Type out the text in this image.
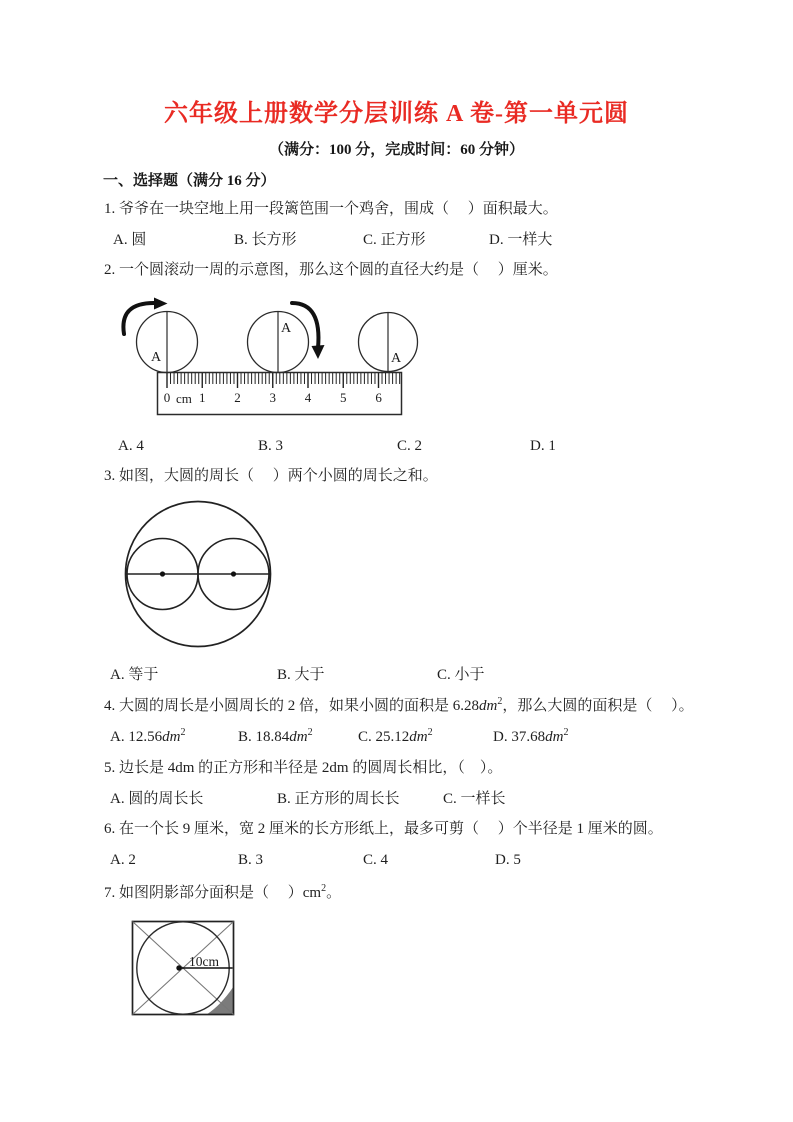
六年级上册数学分层训练 A 卷-第一单元圆
（满分：100 分，完成时间：60 分钟）
一、选择题（满分 16 分）
1. 爷爷在一块空地上用一段篱笆围一个鸡舍，围成（     ）面积最大。
A. 圆	B. 长方形	C. 正方形	D. 一样大
2. 一个圆滚动一周的示意图，那么这个圆的直径大约是（     ）厘米。
A
A
A
0 cm 1 2 3 4 5 6
A. 4	B. 3	C. 2	D. 1
3. 如图，大圆的周长（     ）两个小圆的周长之和。
A. 等于	B. 大于	C. 小于
4. 大圆的周长是小圆周长的 2 倍，如果小圆的面积是 $6.28dm^2$，那么大圆的面积是（     ）。
A. $12.56dm^2$	B. $18.84dm^2$	C. $25.12dm^2$	D. $37.68dm^2$
5. 边长是 4dm 的正方形和半径是 2dm 的圆周长相比，（    ）。
A. 圆的周长长	B. 正方形的周长长	C. 一样长
6. 在一个长 9 厘米，宽 2 厘米的长方形纸上，最多可剪（     ）个半径是 1 厘米的圆。
A. 2	B. 3	C. 4	D. 5
7. 如图阴影部分面积是（     ）$cm^2$。
10cm
